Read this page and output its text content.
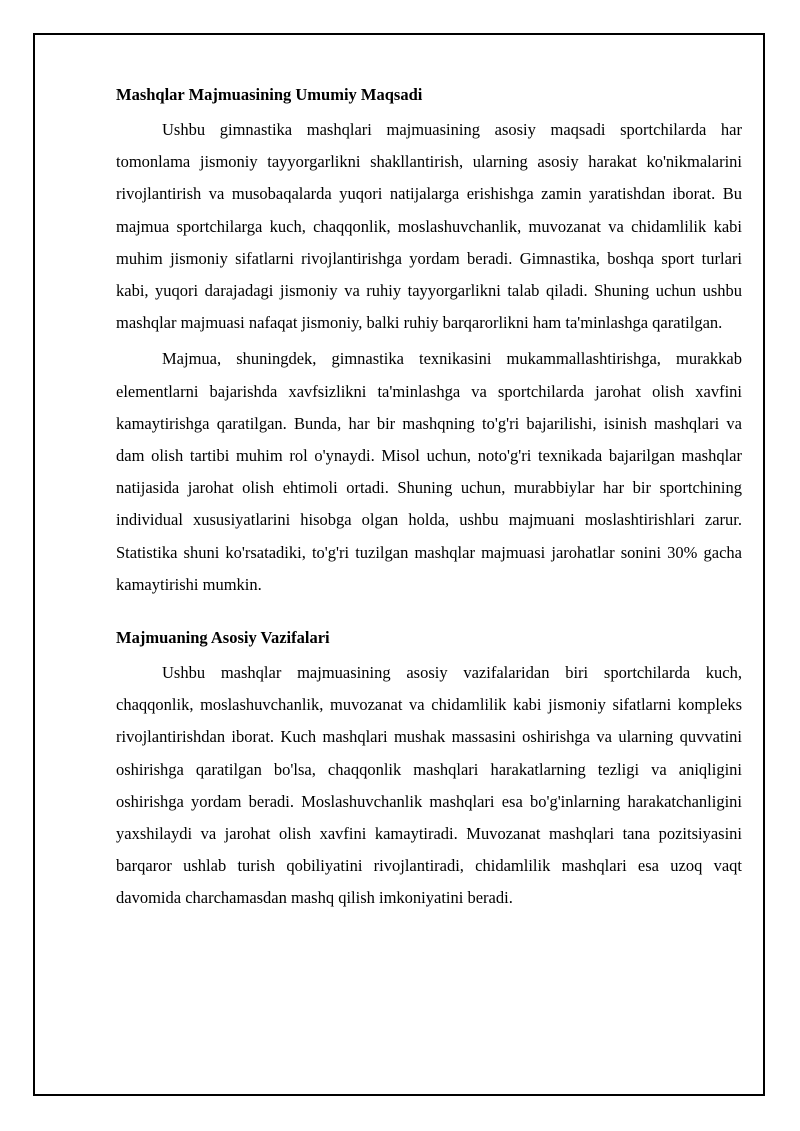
Mashqlar Majmuasining Umumiy Maqsadi

Ushbu gimnastika mashqlari majmuasining asosiy maqsadi sportchilarda har tomonlama jismoniy tayyorgarlikni shakllantirish, ularning asosiy harakat ko'nikmalarini rivojlantirish va musobaqalarda yuqori natijalarga erishishga zamin yaratishdan iborat. Bu majmua sportchilarga kuch, chaqqonlik, moslashuvchanlik, muvozanat va chidamlilik kabi muhim jismoniy sifatlarni rivojlantirishga yordam beradi. Gimnastika, boshqa sport turlari kabi, yuqori darajadagi jismoniy va ruhiy tayyorgarlikni talab qiladi. Shuning uchun ushbu mashqlar majmuasi nafaqat jismoniy, balki ruhiy barqarorlikni ham ta'minlashga qaratilgan.

Majmua, shuningdek, gimnastika texnikasini mukammallashtirishga, murakkab elementlarni bajarishda xavfsizlikni ta'minlashga va sportchilarda jarohat olish xavfini kamaytirishga qaratilgan. Bunda, har bir mashqning to'g'ri bajarilishi, isinish mashqlari va dam olish tartibi muhim rol o'ynaydi. Misol uchun, noto'g'ri texnikada bajarilgan mashqlar natijasida jarohat olish ehtimoli ortadi. Shuning uchun, murabbiylar har bir sportchining individual xususiyatlarini hisobga olgan holda, ushbu majmuani moslashtirishlari zarur. Statistika shuni ko'rsatadiki, to'g'ri tuzilgan mashqlar majmuasi jarohatlar sonini 30% gacha kamaytirishi mumkin.

Majmuaning Asosiy Vazifalari

Ushbu mashqlar majmuasining asosiy vazifalaridan biri sportchilarda kuch, chaqqonlik, moslashuvchanlik, muvozanat va chidamlilik kabi jismoniy sifatlarni kompleks rivojlantirishdan iborat. Kuch mashqlari mushak massasini oshirishga va ularning quvvatini oshirishga qaratilgan bo'lsa, chaqqonlik mashqlari harakatlarning tezligi va aniqligini oshirishga yordam beradi. Moslashuvchanlik mashqlari esa bo'g'inlarning harakatchanligini yaxshilaydi va jarohat olish xavfini kamaytiradi. Muvozanat mashqlari tana pozitsiyasini barqaror ushlab turish qobiliyatini rivojlantiradi, chidamlilik mashqlari esa uzoq vaqt davomida charchamasdan mashq qilish imkoniyatini beradi.
